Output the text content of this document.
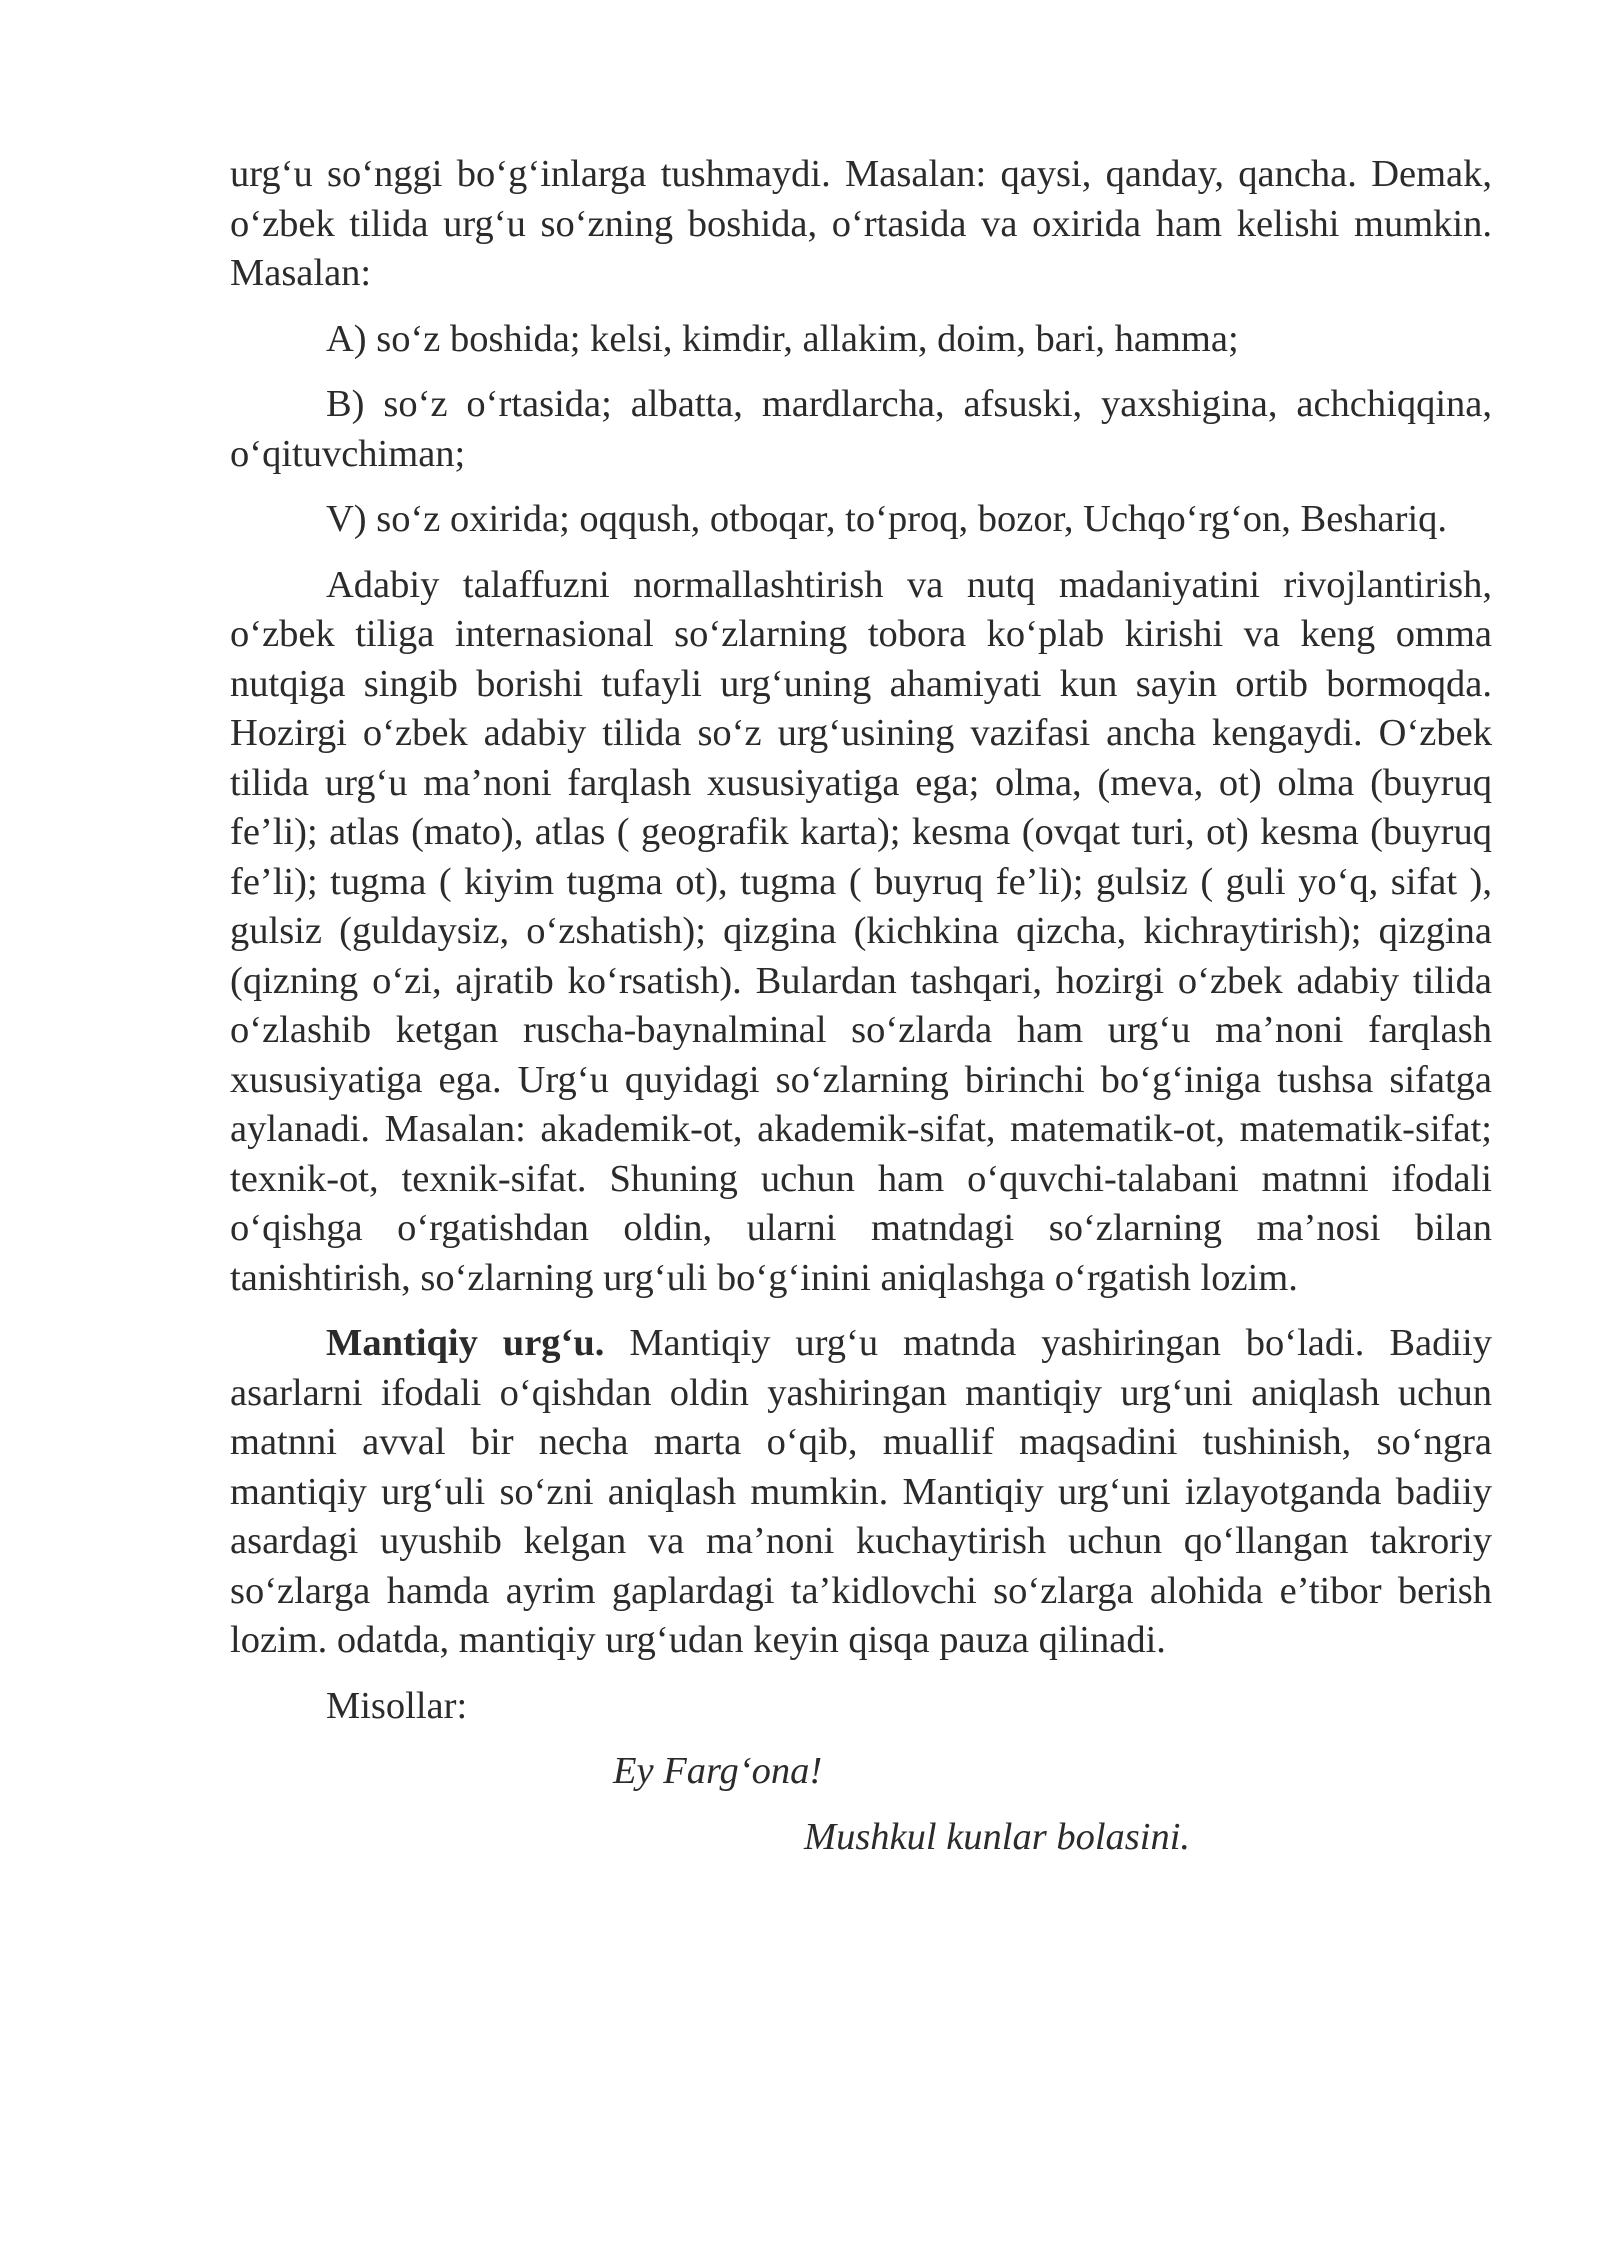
urg‘u so‘nggi bo‘g‘inlarga tushmaydi. Masalan: qaysi, qanday, qancha. Demak, o‘zbek tilida urg‘u so‘zning boshida, o‘rtasida va oxirida ham kelishi mumkin. Masalan:

A) so‘z boshida; kelsi, kimdir, allakim, doim, bari, hamma;

B) so‘z o‘rtasida; albatta, mardlarcha, afsuski, yaxshigina, achchiqqina, o‘qituvchiman;

V) so‘z oxirida; oqqush, otboqar, to‘proq, bozor, Uchqo‘rg‘on, Beshariq.

Adabiy talaffuzni normallashtirish va nutq madaniyatini rivojlantirish, o‘zbek tiliga internasional so‘zlarning tobora ko‘plab kirishi va keng omma nutqiga singib borishi tufayli urg‘uning ahamiyati kun sayin ortib bormoqda. Hozirgi o‘zbek adabiy tilida so‘z urg‘usining vazifasi ancha kengaydi. O‘zbek tilida urg‘u ma’noni farqlash xususiyatiga ega; olma, (meva, ot) olma (buyruq fe’li); atlas (mato), atlas ( geografik karta); kesma (ovqat turi, ot) kesma (buyruq fe’li); tugma ( kiyim tugma ot), tugma ( buyruq fe’li); gulsiz ( guli yo‘q, sifat ), gulsiz (guldaysiz, o‘zshatish); qizgina (kichkina qizcha, kichraytirish); qizgina (qizning o‘zi, ajratib ko‘rsatish). Bulardan tashqari, hozirgi o‘zbek adabiy tilida o‘zlashib ketgan ruscha-baynalminal so‘zlarda ham urg‘u ma’noni farqlash xususiyatiga ega. Urg‘u quyidagi so‘zlarning birinchi bo‘g‘iniga tushsa sifatga aylanadi. Masalan: akademik-ot, akademik-sifat, matematik-ot, matematik-sifat; texnik-ot, texnik-sifat. Shuning uchun ham o‘quvchi-talabani matnni ifodali o‘qishga o‘rgatishdan oldin, ularni matndagi so‘zlarning ma’nosi bilan tanishtirish, so‘zlarning urg‘uli bo‘g‘inini aniqlashga o‘rgatish lozim.

Mantiqiy urg‘u. Mantiqiy urg‘u matnda yashiringan bo‘ladi. Badiiy asarlarni ifodali o‘qishdan oldin yashiringan mantiqiy urg‘uni aniqlash uchun matnni avval bir necha marta o‘qib, muallif maqsadini tushinish, so‘ngra mantiqiy urg‘uli so‘zni aniqlash mumkin. Mantiqiy urg‘uni izlayotganda badiiy asardagi uyushib kelgan va ma’noni kuchaytirish uchun qo‘llangan takroriy so‘zlarga hamda ayrim gaplardagi ta’kidlovchi so‘zlarga alohida e’tibor berish lozim. odatda, mantiqiy urg‘udan keyin qisqa pauza qilinadi.

Misollar:

Ey Farg‘ona!

Mushkul kunlar bolasini.
